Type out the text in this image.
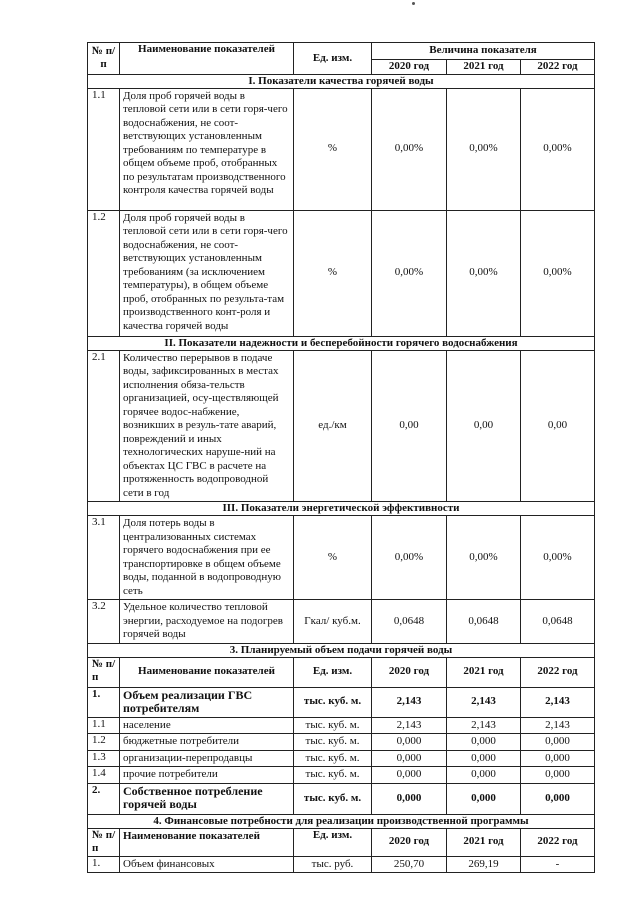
№ п/п	Наименование показателей	Ед. изм.	Величина показателя		
			2020 год	2021 год	2022 год
I. Показатели качества горячей воды					
1.1	Доля проб горячей воды в тепловой сети или в сети горя-чего водоснабжения, не соот-ветствующих установленным требованиям по температуре в общем объеме проб, отобранных по результатам производственного контроля качества горячей воды	%	0,00%	0,00%	0,00%
1.2	Доля проб горячей воды в тепловой сети или в сети горя-чего водоснабжения, не соот-ветствующих установленным требованиям (за исключением температуры), в общем объеме проб, отобранных по результа-там производственного конт-роля и качества горячей воды	%	0,00%	0,00%	0,00%
II. Показатели надежности и бесперебойности горячего водоснабжения					
2.1	Количество перерывов в подаче воды, зафиксированных в местах исполнения обяза-тельств организацией, осу-ществляющей горячее водос-набжение, возникших в резуль-тате аварий, повреждений и иных технологических наруше-ний на объектах ЦС ГВС в расчете на протяженность водопроводной сети в год	ед./км	0,00	0,00	0,00
III. Показатели энергетической эффективности					
3.1	Доля потерь воды в централизованных системах горячего водоснабжения при ее транспортировке в общем объеме воды, поданной в водопроводную сеть	%	0,00%	0,00%	0,00%
3.2	Удельное количество тепловой энергии, расходуемое на подогрев горячей воды	Гкал/ куб.м.	0,0648	0,0648	0,0648
3. Планируемый объем подачи горячей воды					
№ п/п	Наименование показателей	Ед. изм.	2020 год	2021 год	2022 год
1.	Объем реализации ГВС потребителям	тыс. куб. м.	2,143	2,143	2,143
1.1	население	тыс. куб. м.	2,143	2,143	2,143
1.2	бюджетные потребители	тыс. куб. м.	0,000	0,000	0,000
1.3	организации-перепродавцы	тыс. куб. м.	0,000	0,000	0,000
1.4	прочие потребители	тыс. куб. м.	0,000	0,000	0,000
2.	Собственное потребление горячей воды	тыс. куб. м.	0,000	0,000	0,000
4. Финансовые потребности для реализации производственной программы					
№ п/п	Наименование показателей	Ед. изм.	2020 год	2021 год	2022 год
1.	Объем финансовых	тыс. руб.	250,70	269,19	-
